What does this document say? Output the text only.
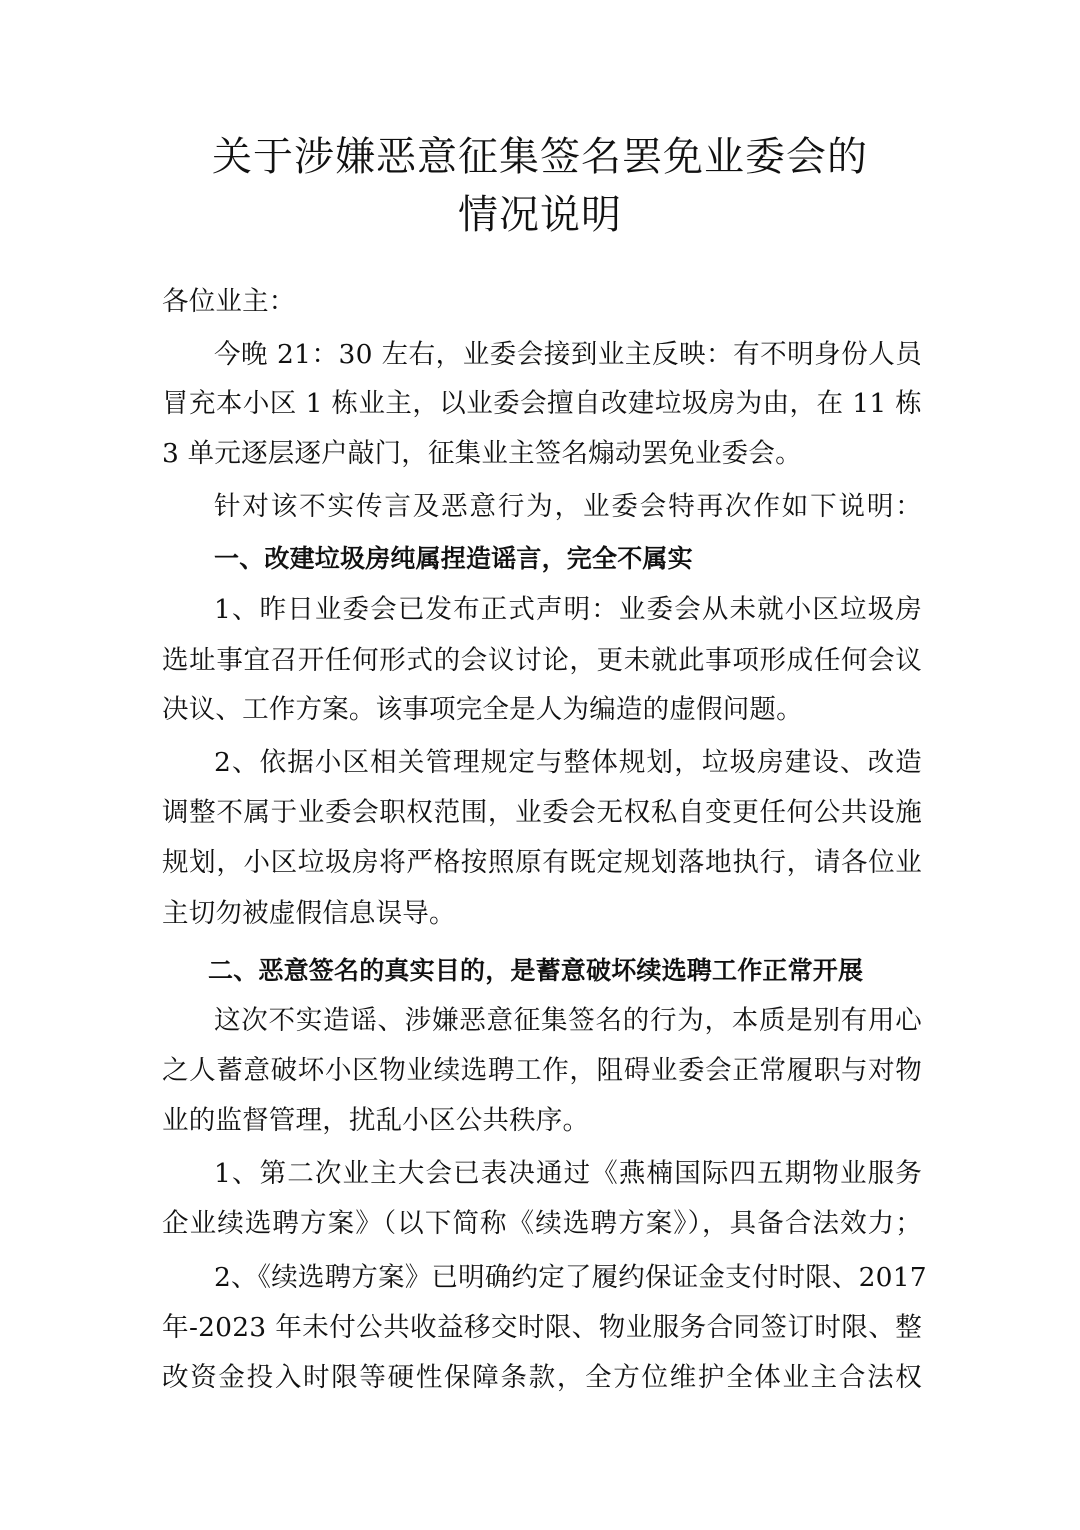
关于涉嫌恶意征集签名罢免业委会的
情况说明

各位业主：

今晚 21：30 左右，业委会接到业主反映：有不明身份人员

冒充本小区 1 栋业主，以业委会擅自改建垃圾房为由，在 11 栋

3 单元逐层逐户敲门，征集业主签名煽动罢免业委会。

针对该不实传言及恶意行为，业委会特再次作如下说明：

一、改建垃圾房纯属捏造谣言，完全不属实

1、昨日业委会已发布正式声明：业委会从未就小区垃圾房

选址事宜召开任何形式的会议讨论，更未就此事项形成任何会议

决议、工作方案。该事项完全是人为编造的虚假问题。

2、依据小区相关管理规定与整体规划，垃圾房建设、改造

调整不属于业委会职权范围，业委会无权私自变更任何公共设施

规划，小区垃圾房将严格按照原有既定规划落地执行，请各位业

主切勿被虚假信息误导。

二、恶意签名的真实目的，是蓄意破坏续选聘工作正常开展

这次不实造谣、涉嫌恶意征集签名的行为，本质是别有用心

之人蓄意破坏小区物业续选聘工作，阻碍业委会正常履职与对物

业的监督管理，扰乱小区公共秩序。

1、第二次业主大会已表决通过《燕楠国际四五期物业服务

企业续选聘方案》（以下简称《续选聘方案》），具备合法效力；

2、《续选聘方案》已明确约定了履约保证金支付时限、2017

年-2023 年未付公共收益移交时限、物业服务合同签订时限、整

改资金投入时限等硬性保障条款，全方位维护全体业主合法权
